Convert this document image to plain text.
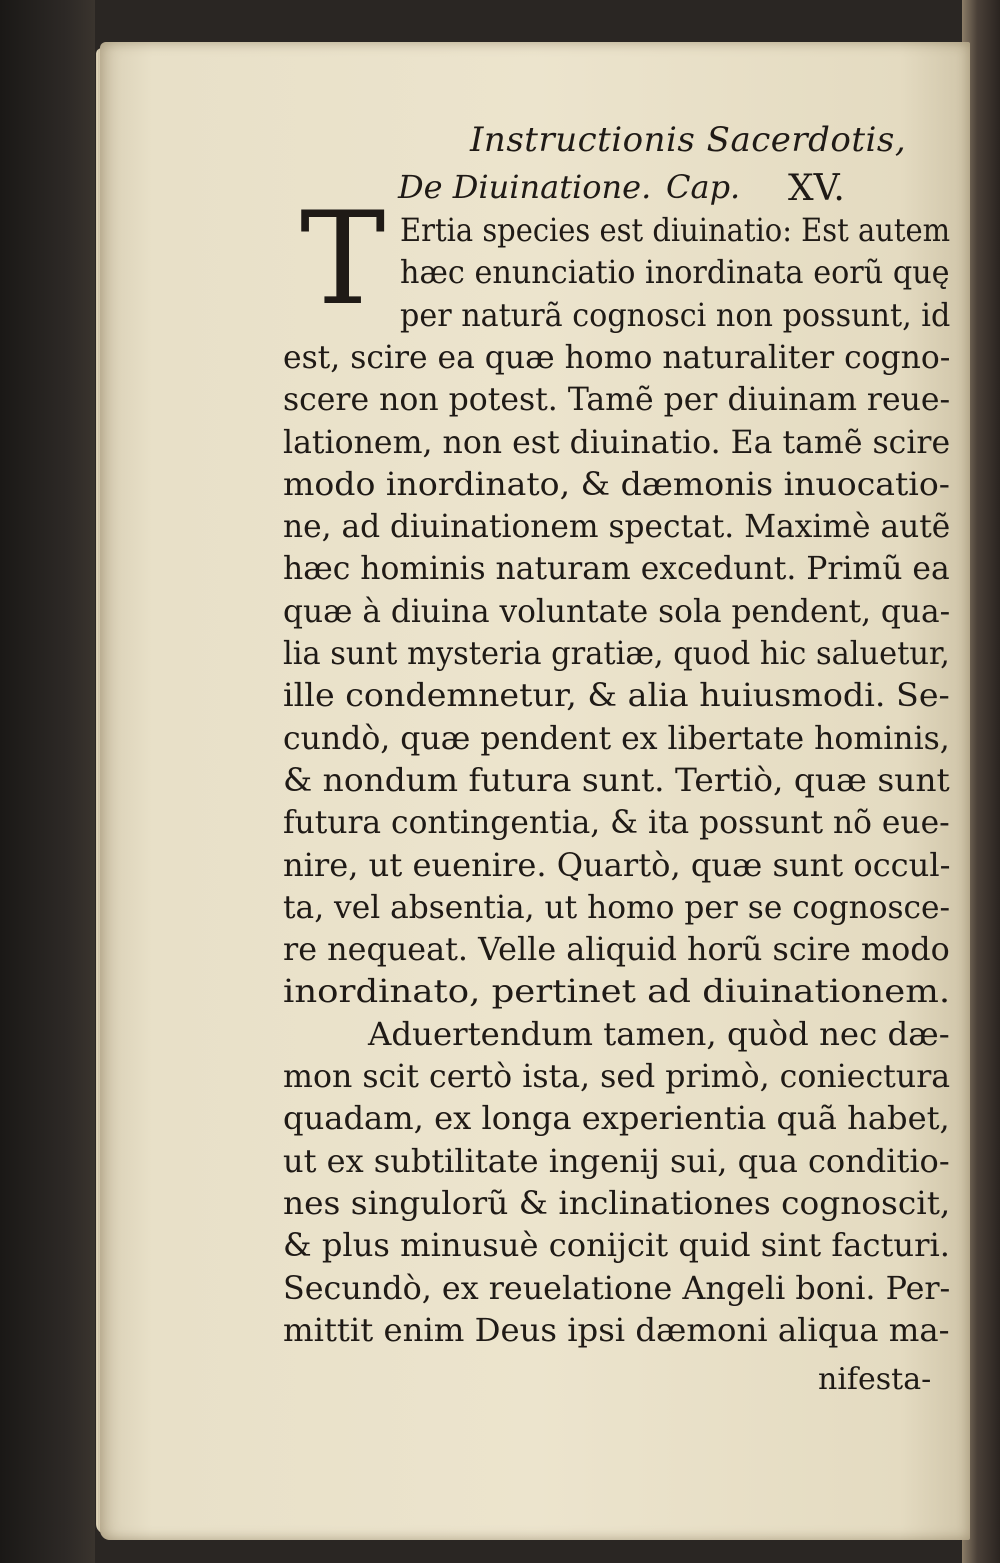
Instructionis Sacerdotis,
De Diuinatione. Cap. XV.
T Ertia species est diuinatio: Est autem
hæc enunciatio inordinata eorũ quę
per naturã cognosci non possunt, id
est, scire ea quæ homo naturaliter cogno-
scere non potest. Tamẽ per diuinam reue-
lationem, non est diuinatio. Ea tamẽ scire
modo inordinato, & dæmonis inuocatio-
ne, ad diuinationem spectat. Maximè autẽ
hæc hominis naturam excedunt. Primũ ea
quæ à diuina voluntate sola pendent, qua-
lia sunt mysteria gratiæ, quod hic saluetur,
ille condemnetur, & alia huiusmodi. Se-
cundò, quæ pendent ex libertate hominis,
& nondum futura sunt. Tertiò, quæ sunt
futura contingentia, & ita possunt nõ eue-
nire, ut euenire. Quartò, quæ sunt occul-
ta, vel absentia, ut homo per se cognosce-
re nequeat. Velle aliquid horũ scire modo
inordinato, pertinet ad diuinationem.
Aduertendum tamen, quòd nec dæ-
mon scit certò ista, sed primò, coniectura
quadam, ex longa experientia quã habet,
ut ex subtilitate ingenij sui, qua conditio-
nes singulorũ & inclinationes cognoscit,
& plus minusuè conijcit quid sint facturi.
Secundò, ex reuelatione Angeli boni. Per-
mittit enim Deus ipsi dæmoni aliqua ma-
nifesta-
